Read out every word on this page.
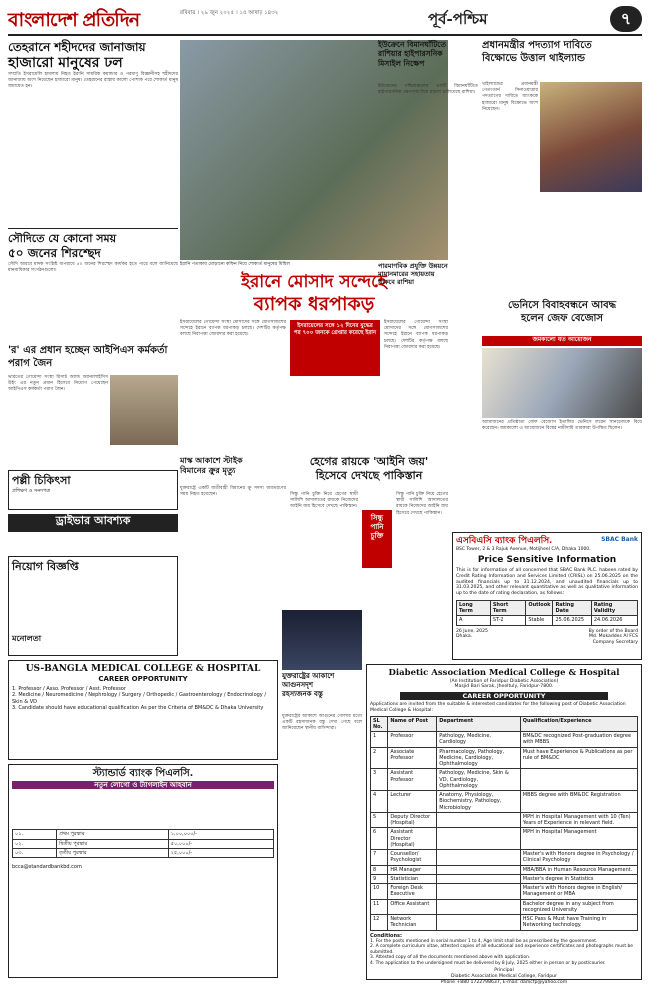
বাংলাদেশ প্রতিদিন	রবিবার । ২৯ জুন ২০২৫ । ১৫ আষাঢ় ১৪৩২	পূর্ব-পশ্চিম	৭
তেহরানে শহীদদের জানাজায়
হাজারো মানুষের ঢল
সম্প্রতি ইসরায়েলি হামলায় নিহত ইরানি সামরিক কমান্ডার ও পরমাণু বিজ্ঞানীসহ শহীদদের জানাজায় অংশ নিয়েছেন হাজারো মানুষ। তেহরানের রাস্তায় কালো পোশাক পরে শোকার্ত মানুষ জমায়েত হন।
ইরানি পতাকায় মোড়ানো কফিন নিয়ে শোকার্ত মানুষের মিছিল
সৌদিতে যে কোনো সময়
৫০ জনের শিরশ্ছেদ
সৌদি আরবে মাদক সংশ্লিষ্ট অপরাধে ৫০ জনের শিরশ্ছেদ কার্যকর হতে পারে বলে জানিয়েছে মানবাধিকার সংগঠনগুলো।
'র' এর প্রধান হচ্ছেন আইপিএস কর্মকর্তা পরাগ জৈন
ভারতের গোয়েন্দা সংস্থা রিসার্চ অ্যান্ড অ্যানালাইসিস উইং এর নতুন প্রধান হিসেবে নিয়োগ পেয়েছেন আইপিএস কর্মকর্তা পরাগ জৈন।
ইরানে মোসাদ সন্দেহে
ব্যাপক ধরপাকড়
ইসরায়েলের সঙ্গে ১২ দিনের যুদ্ধের পর ৭০০ জনকে গ্রেপ্তার করেছে ইরান
ইসরায়েলের গোয়েন্দা সংস্থা মোসাদের সঙ্গে যোগসাজশের সন্দেহে ইরানে ব্যাপক ধরপাকড় চলছে। দেশটির কর্তৃপক্ষ বলছে নিরাপত্তা জোরদার করা হয়েছে।
ইসরায়েলের গোয়েন্দা সংস্থা মোসাদের সঙ্গে যোগসাজশের সন্দেহে ইরানে ব্যাপক ধরপাকড় চলছে। দেশটির কর্তৃপক্ষ বলছে নিরাপত্তা জোরদার করা হয়েছে।
মাস্ক আকাশে স্টাইক
বিমানের ক্রুর মৃত্যু
যুক্তরাষ্ট্রে একটি যাত্রীবাহী বিমানের ক্রু সদস্য অবতরণের সময় নিহত হয়েছেন।
হেগের রায়কে 'আইনি জয়'
হিসেবে দেখছে পাকিস্তান
সিন্ধু পানি চুক্তি নিয়ে হেগের স্থায়ী সালিশি আদালতের রায়কে নিজেদের আইনি জয় হিসেবে দেখছে পাকিস্তান।
সিন্ধু
পানি
চুক্তি
সিন্ধু পানি চুক্তি নিয়ে হেগের স্থায়ী সালিশি আদালতের রায়কে নিজেদের আইনি জয় হিসেবে দেখছে পাকিস্তান।
ইউক্রেনে বিমানঘাঁটিতে
রাশিয়ার হাইপারসনিক
মিসাইল নিক্ষেপ
ইউক্রেনের পশ্চিমাঞ্চলের একটি বিমানঘাঁটিতে হাইপারসনিক ক্ষেপণাস্ত্র দিয়ে হামলা চালিয়েছে রাশিয়া।
পারমাণবিক প্রযুক্তি উন্নয়নে
মায়ানমারের সহায়তায়
থাকবে রাশিয়া
প্রধানমন্ত্রীর পদত্যাগ দাবিতে
বিক্ষোভে উত্তাল থাইল্যান্ড
থাইল্যান্ডের প্রধানমন্ত্রী পেতংতার্ন সিনাওয়াত্রার পদত্যাগের দাবিতে ব্যাংককে হাজারো মানুষ বিক্ষোভে অংশ নিয়েছেন।
ভেনিসে বিবাহবন্ধনে আবদ্ধ
হলেন জেফ বেজোস
জমকালো যত আয়োজন
অ্যামাজনের প্রতিষ্ঠাতা জেফ বেজোস ইতালির ভেনিসে লরেন সানচেজকে বিয়ে করেছেন। জমকালো এ আয়োজনে বিশ্বের নামীদামি তারকারা উপস্থিত ছিলেন।
এসবিএসি ব্যাংক পিএলসি.
BSC Tower, 2 & 3 Rajuk Avenue, Motijheel C/A, Dhaka 1000.
SBAC Bank
Price Sensitive Information
This is for information of all concerned that SBAC Bank PLC. habeen rated by Credit Rating Information and Services Limited (CRISL) on 25.06.2025 on the audited financials up to 31.12.2024, and unaudited financials up to 31.03.2025, and other relevant quantitative as well as qualitative information up to the date of rating declaration, as follows:
Long Term	Short Term	Outlook	Rating Date	Rating Validity
A	ST-2	Stable	25.06.2025	24.06.2026
26 June, 2025
Dhaka.
By order of the Board
Md. Mokaddes Al FCS
Company Secretary
পল্লী চিকিৎসা
প্রশিক্ষণ ও সনদপত্র
ড্রাইভার আবশ্যক
নিয়োগ বিজ্ঞপ্তি
মনোলতা
US-BANGLA MEDICAL COLLEGE & HOSPITAL
CAREER OPPORTUNITY
1. Professor / Asso. Professor / Asst. Professor
2. Medicine / Neuromedicine / Nephrology / Surgery / Orthopedic / Gastroenterology / Endocrinology / Skin & VD
3. Candidate should have educational qualification As per the Criteria of BM&DC & Dhaka University
স্ট্যান্ডার্ড ব্যাংক পিএলসি.
নতুন লোগো ও ট্যাগলাইন আহবান
০১.	প্রথম পুরস্কার	১,০০,০০০/-
০২.	দ্বিতীয় পুরস্কার	৫০,০০০/-
০৩.	তৃতীয় পুরস্কার	২৫,০০০/-
bcca@standardbankbd.com
যুক্তরাষ্ট্রের আকাশে
আগুনসদৃশ
রহস্যজনক বস্তু
যুক্তরাষ্ট্রের আকাশে আগুনের গোলার মতো একটি রহস্যজনক বস্তু দেখা গেছে বলে জানিয়েছেন স্থানীয় বাসিন্দারা।
Diabetic Association Medical College & Hospital
(An Institution of Faridpur Diabetic Association)
Masjid Bari Sarak, Jheeltuly, Faridpur-7800.
CAREER OPPORTUNITY
Applications are invited from the suitable & interested candidates for the following post of Diabetic Association Medical College & Hospital:
SL No.	Name of Post	Department	Qualification/Experience
1	Professor	Pathology, Medicine, Cardiology	BM&DC recognized Post-graduation degree with MBBS
2	Associate Professor	Pharmacology, Pathology, Medicine, Cardiology, Ophthalmology	Must have Experience & Publications as per rule of BM&DC
3	Assistant Professor	Pathology, Medicine, Skin & VD, Cardiology, Ophthalmology	
4	Lecturer	Anatomy, Physiology, Biochemistry, Pathology, Microbiology	MBBS degree with BM&DC Registration
5	Deputy Director (Hospital)		MPH in Hospital Management with 10 (Ten) Years of Experience in relevant field.
6	Assistant Director (Hospital)		MPH in Hospital Management
7	Counsellor/ Psychologist		Master's with Honors degree in Psychology / Clinical Psychology
8	HR Manager		MBA/BBA in Human Resource Management.
9	Statistician		Master's degree in Statistics
10	Foreign Desk Executive		Master's with Honors degree in English/ Management or MBA
11	Office Assistant		Bachelor degree in any subject from recognized University
12	Network Technician		HSC Pass & Must have Training in Networking technology.
Conditions:
1. For the posts mentioned in serial number 1 to 4, Age limit shall be as prescribed by the government.
2. A complete curriculum vitae, attested copies of all educational and experience certificates and photographs must be submitted.
3. Attested copy of all the documents mentioned above with application.
4. The application to the undersigned must be delivered by 8 July, 2025 either in person or by post/courier.
Principal
Diabetic Association Medical College, Faridpur
Phone +880 1722798637, E-mail: damcfp@yahoo.com
